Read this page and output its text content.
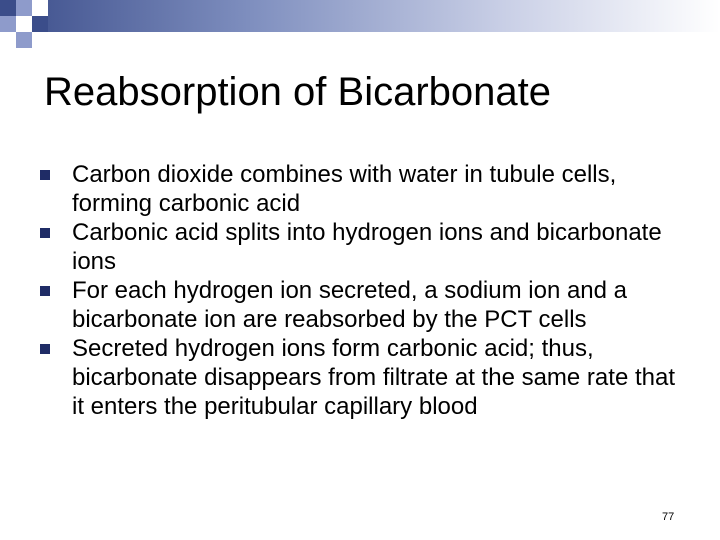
Reabsorption of Bicarbonate
Carbon dioxide combines with water in tubule cells, forming carbonic acid
Carbonic acid splits into hydrogen ions and bicarbonate ions
For each hydrogen ion secreted, a sodium ion and a bicarbonate ion are reabsorbed by the PCT cells
Secreted hydrogen ions form carbonic acid; thus, bicarbonate disappears from filtrate at the same rate that it enters the peritubular capillary blood
77
